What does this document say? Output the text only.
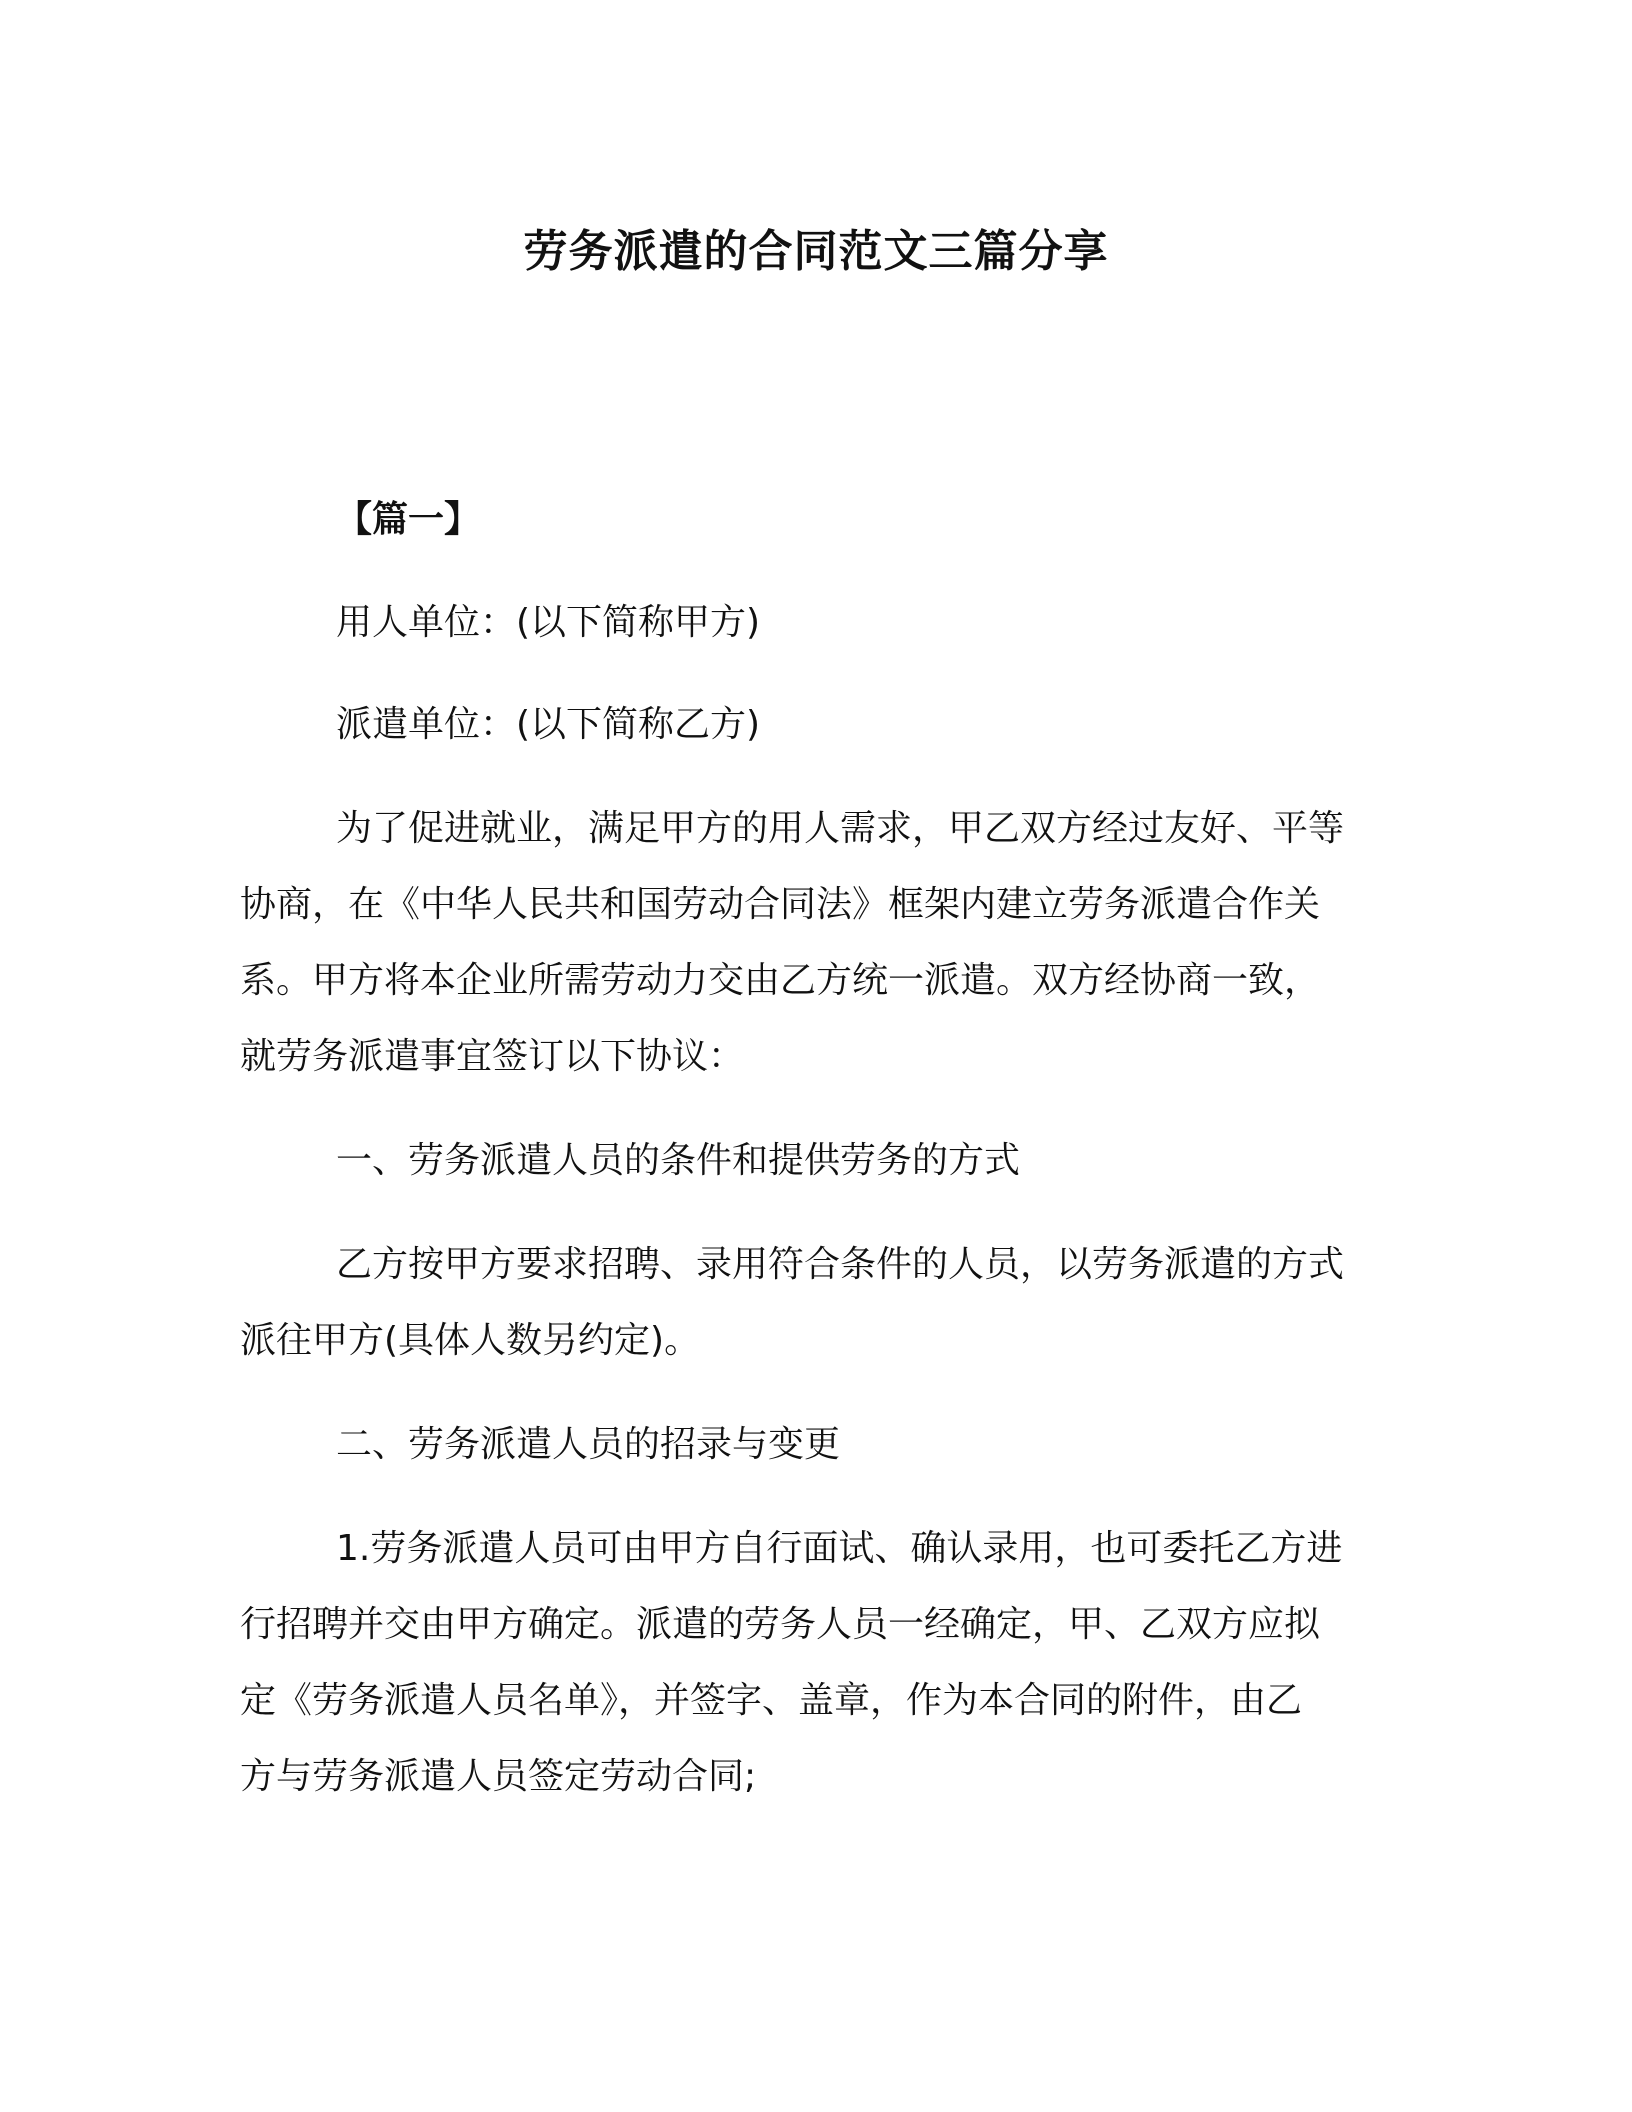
劳务派遣的合同范文三篇分享
【篇一】
用人单位：(以下简称甲方)
派遣单位：(以下简称乙方)
为了促进就业，满足甲方的用人需求，甲乙双方经过友好、平等
协商，在《中华人民共和国劳动合同法》框架内建立劳务派遣合作关
系。甲方将本企业所需劳动力交由乙方统一派遣。双方经协商一致，
就劳务派遣事宜签订以下协议：
一、劳务派遣人员的条件和提供劳务的方式
乙方按甲方要求招聘、录用符合条件的人员，以劳务派遣的方式
派往甲方(具体人数另约定)。
二、劳务派遣人员的招录与变更
1.劳务派遣人员可由甲方自行面试、确认录用，也可委托乙方进
行招聘并交由甲方确定。派遣的劳务人员一经确定，甲、乙双方应拟
定《劳务派遣人员名单》，并签字、盖章，作为本合同的附件，由乙
方与劳务派遣人员签定劳动合同;
